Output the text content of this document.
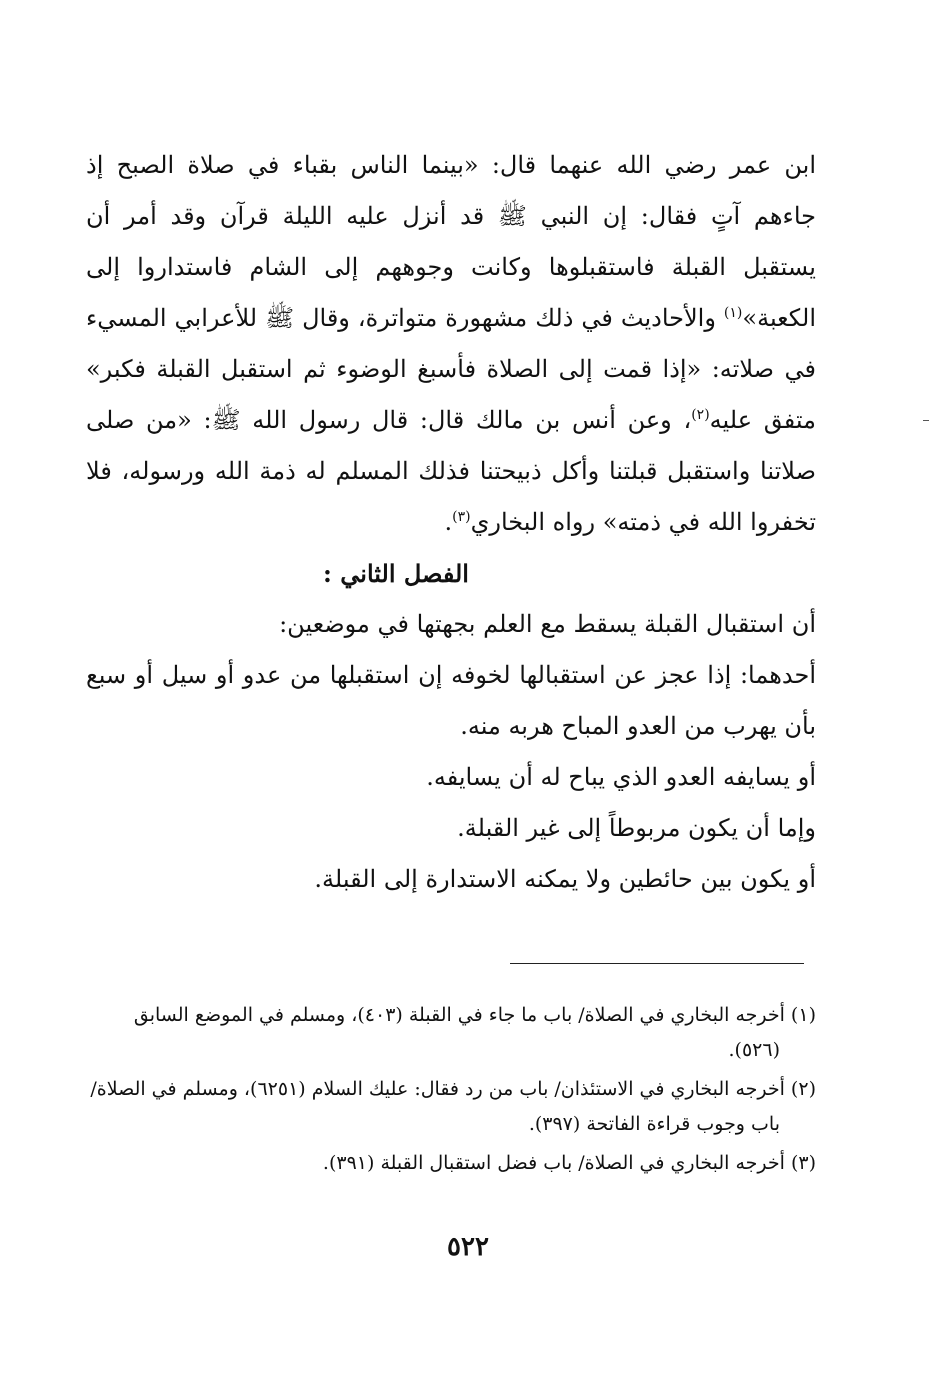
ابن عمر رضي الله عنهما قال: «بينما الناس بقباء في صلاة الصبح إذ جاءهم آتٍ فقال: إن النبي ﷺ قد أنزل عليه الليلة قرآن وقد أمر أن يستقبل القبلة فاستقبلوها وكانت وجوههم إلى الشام فاستداروا إلى الكعبة»$^{(١)}$ والأحاديث في ذلك مشهورة متواترة، وقال ﷺ للأعرابي المسيء في صلاته: «إذا قمت إلى الصلاة فأسبغ الوضوء ثم استقبل القبلة فكبر» متفق عليه$^{(٢)}$، وعن أنس بن مالك قال: قال رسول الله ﷺ: «من صلى صلاتنا واستقبل قبلتنا وأكل ذبيحتنا فذلك المسلم له ذمة الله ورسوله، فلا تخفروا الله في ذمته» رواه البخاري$^{(٣)}$.

الفصل الثاني :

أن استقبال القبلة يسقط مع العلم بجهتها في موضعين:

أحدهما: إذا عجز عن استقبالها لخوفه إن استقبلها من عدو أو سيل أو سبع بأن يهرب من العدو المباح هربه منه.

أو يسايفه العدو الذي يباح له أن يسايفه.

وإما أن يكون مربوطاً إلى غير القبلة.

أو يكون بين حائطين ولا يمكنه الاستدارة إلى القبلة.

(١) أخرجه البخاري في الصلاة/ باب ما جاء في القبلة (٤٠٣)، ومسلم في الموضع السابق
(٥٢٦).

(٢) أخرجه البخاري في الاستئذان/ باب من رد فقال: عليك السلام (٦٢٥١)، ومسلم في الصلاة/
باب وجوب قراءة الفاتحة (٣٩٧).

(٣) أخرجه البخاري في الصلاة/ باب فضل استقبال القبلة (٣٩١).

٥٢٢
